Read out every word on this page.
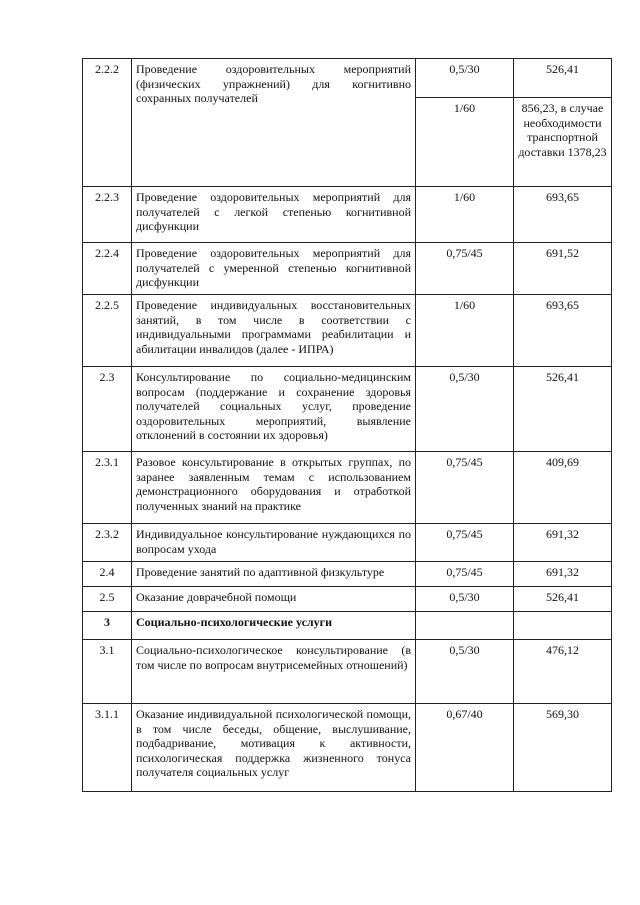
2.2.2	Проведение оздоровительных мероприятий (физических упражнений) для когнитивно сохранных получателей	0,5/30	526,41
		1/60	856,23, в случае необходимости транспортной доставки 1378,23
2.2.3	Проведение оздоровительных мероприятий для получателей с легкой степенью когнитивной дисфункции	1/60	693,65
2.2.4	Проведение оздоровительных мероприятий для получателей с умеренной степенью когнитивной дисфункции	0,75/45	691,52
2.2.5	Проведение индивидуальных восстановительных занятий, в том числе в соответствии с индивидуальными программами реабилитации и абилитации инвалидов (далее - ИПРА)	1/60	693,65
2.3	Консультирование по социально-медицинским вопросам (поддержание и сохранение здоровья получателей социальных услуг, проведение оздоровительных мероприятий, выявление отклонений в состоянии их здоровья)	0,5/30	526,41
2.3.1	Разовое консультирование в открытых группах, по заранее заявленным темам с использованием демонстрационного оборудования и отработкой полученных знаний на практике	0,75/45	409,69
2.3.2	Индивидуальное консультирование нуждающихся по вопросам ухода	0,75/45	691,32
2.4	Проведение занятий по адаптивной физкультуре	0,75/45	691,32
2.5	Оказание доврачебной помощи	0,5/30	526,41
3	Социально-психологические услуги		
3.1	Социально-психологическое консультирование (в том числе по вопросам внутрисемейных отношений)	0,5/30	476,12
3.1.1	Оказание индивидуальной психологической помощи, в том числе беседы, общение, выслушивание, подбадривание, мотивация к активности, психологическая поддержка жизненного тонуса получателя социальных услуг	0,67/40	569,30
